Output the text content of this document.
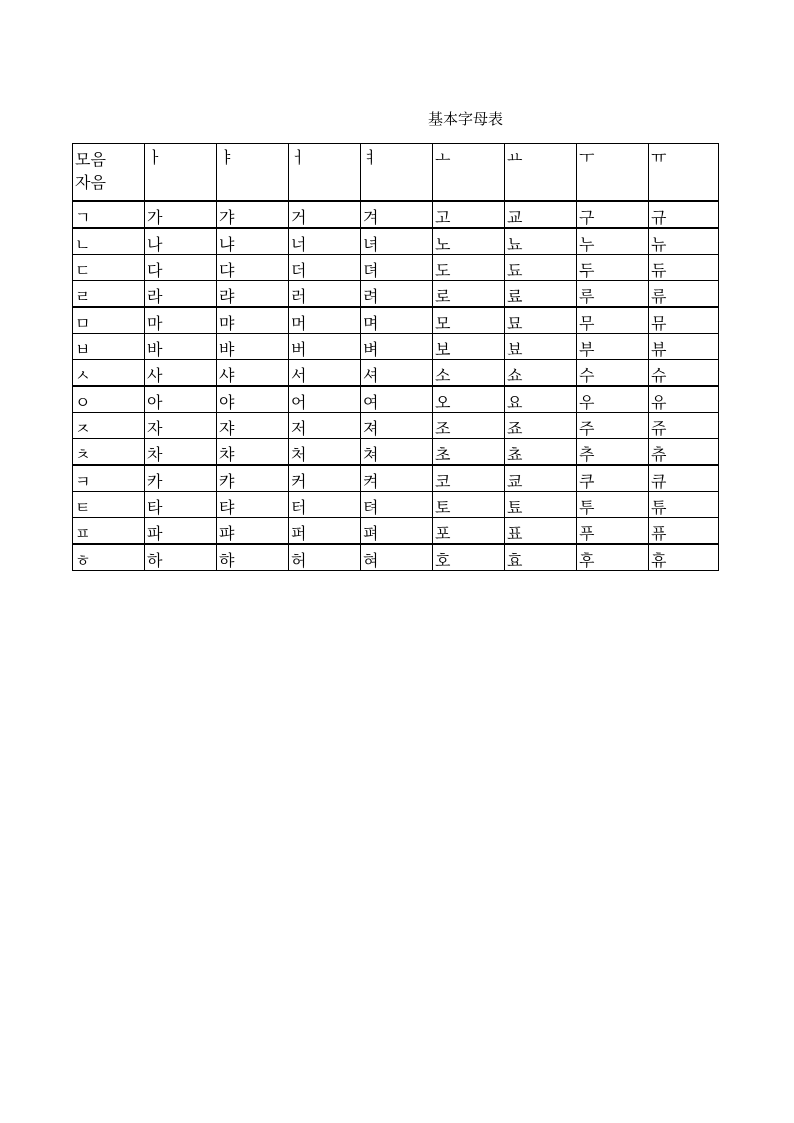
基本字母表
모음
자음	ㅏ	ㅑ	ㅓ	ㅕ	ㅗ	ㅛ	ㅜ	ㅠ
ㄱ	가	갸	거	겨	고	교	구	규
ㄴ	나	냐	너	녀	노	뇨	누	뉴
ㄷ	다	댜	더	뎌	도	됴	두	듀
ㄹ	라	랴	러	려	로	료	루	류
ㅁ	마	먀	머	며	모	묘	무	뮤
ㅂ	바	뱌	버	벼	보	뵤	부	뷰
ㅅ	사	샤	서	셔	소	쇼	수	슈
ㅇ	아	야	어	여	오	요	우	유
ㅈ	자	쟈	저	져	조	죠	주	쥬
ㅊ	차	챠	처	쳐	초	쵸	추	츄
ㅋ	카	캬	커	켜	코	쿄	쿠	큐
ㅌ	타	탸	터	텨	토	툐	투	튜
ㅍ	파	퍄	퍼	펴	포	표	푸	퓨
ㅎ	하	햐	허	혀	호	효	후	휴
